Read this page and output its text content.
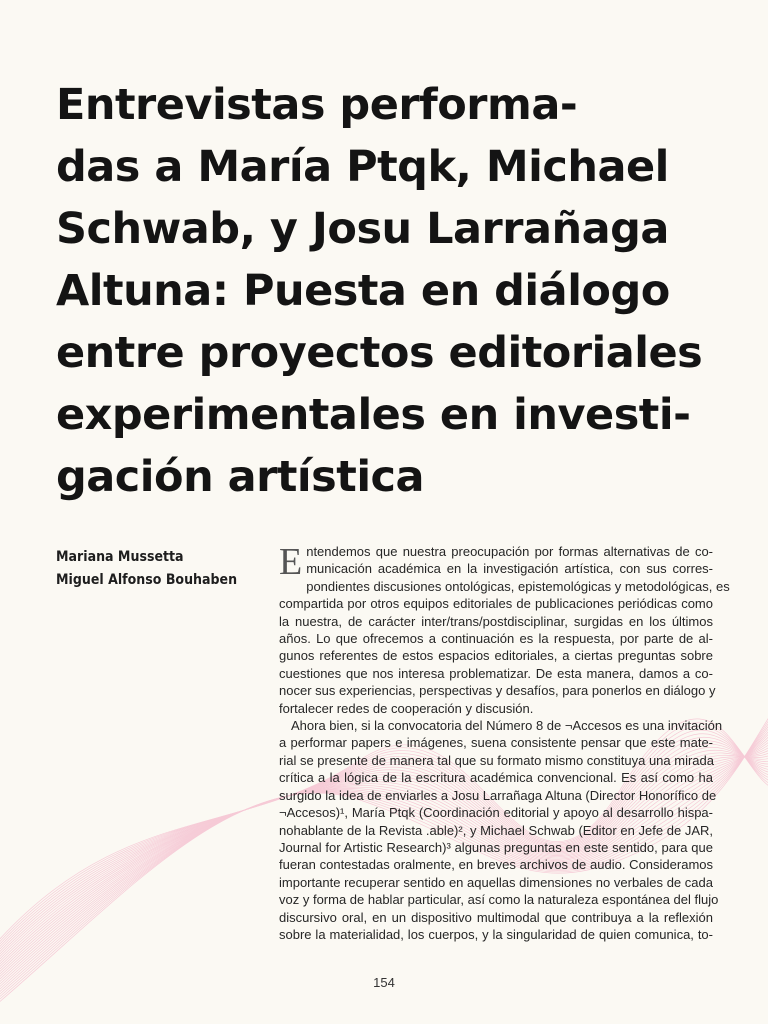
Entrevistas performa-
das a María Ptqk, Michael
Schwab, y Josu Larrañaga
Altuna: Puesta en diálogo
entre proyectos editoriales
experimentales en investi-
gación artística
Mariana Mussetta
Miguel Alfonso Bouhaben E ntendemos que nuestra preocupación por formas alternativas de co-
municación académica en la investigación artística, con sus corres-
pondientes discusiones ontológicas, epistemológicas y metodológicas, es
compartida por otros equipos editoriales de publicaciones periódicas como
la nuestra, de carácter inter/trans/postdisciplinar, surgidas en los últimos
años. Lo que ofrecemos a continuación es la respuesta, por parte de al-
gunos referentes de estos espacios editoriales, a ciertas preguntas sobre
cuestiones que nos interesa problematizar. De esta manera, damos a co-
nocer sus experiencias, perspectivas y desafíos, para ponerlos en diálogo y
fortalecer redes de cooperación y discusión.
Ahora bien, si la convocatoria del Número 8 de ¬Accesos es una invitación
a performar papers e imágenes, suena consistente pensar que este mate-
rial se presente de manera tal que su formato mismo constituya una mirada
crítica a la lógica de la escritura académica convencional. Es así como ha
surgido la idea de enviarles a Josu Larrañaga Altuna (Director Honorífico de
¬Accesos)¹, María Ptqk (Coordinación editorial y apoyo al desarrollo hispa-
nohablante de la Revista .able)², y Michael Schwab (Editor en Jefe de JAR,
Journal for Artistic Research)³ algunas preguntas en este sentido, para que
fueran contestadas oralmente, en breves archivos de audio. Consideramos
importante recuperar sentido en aquellas dimensiones no verbales de cada
voz y forma de hablar particular, así como la naturaleza espontánea del flujo
discursivo oral, en un dispositivo multimodal que contribuya a la reflexión
sobre la materialidad, los cuerpos, y la singularidad de quien comunica, to-
154
